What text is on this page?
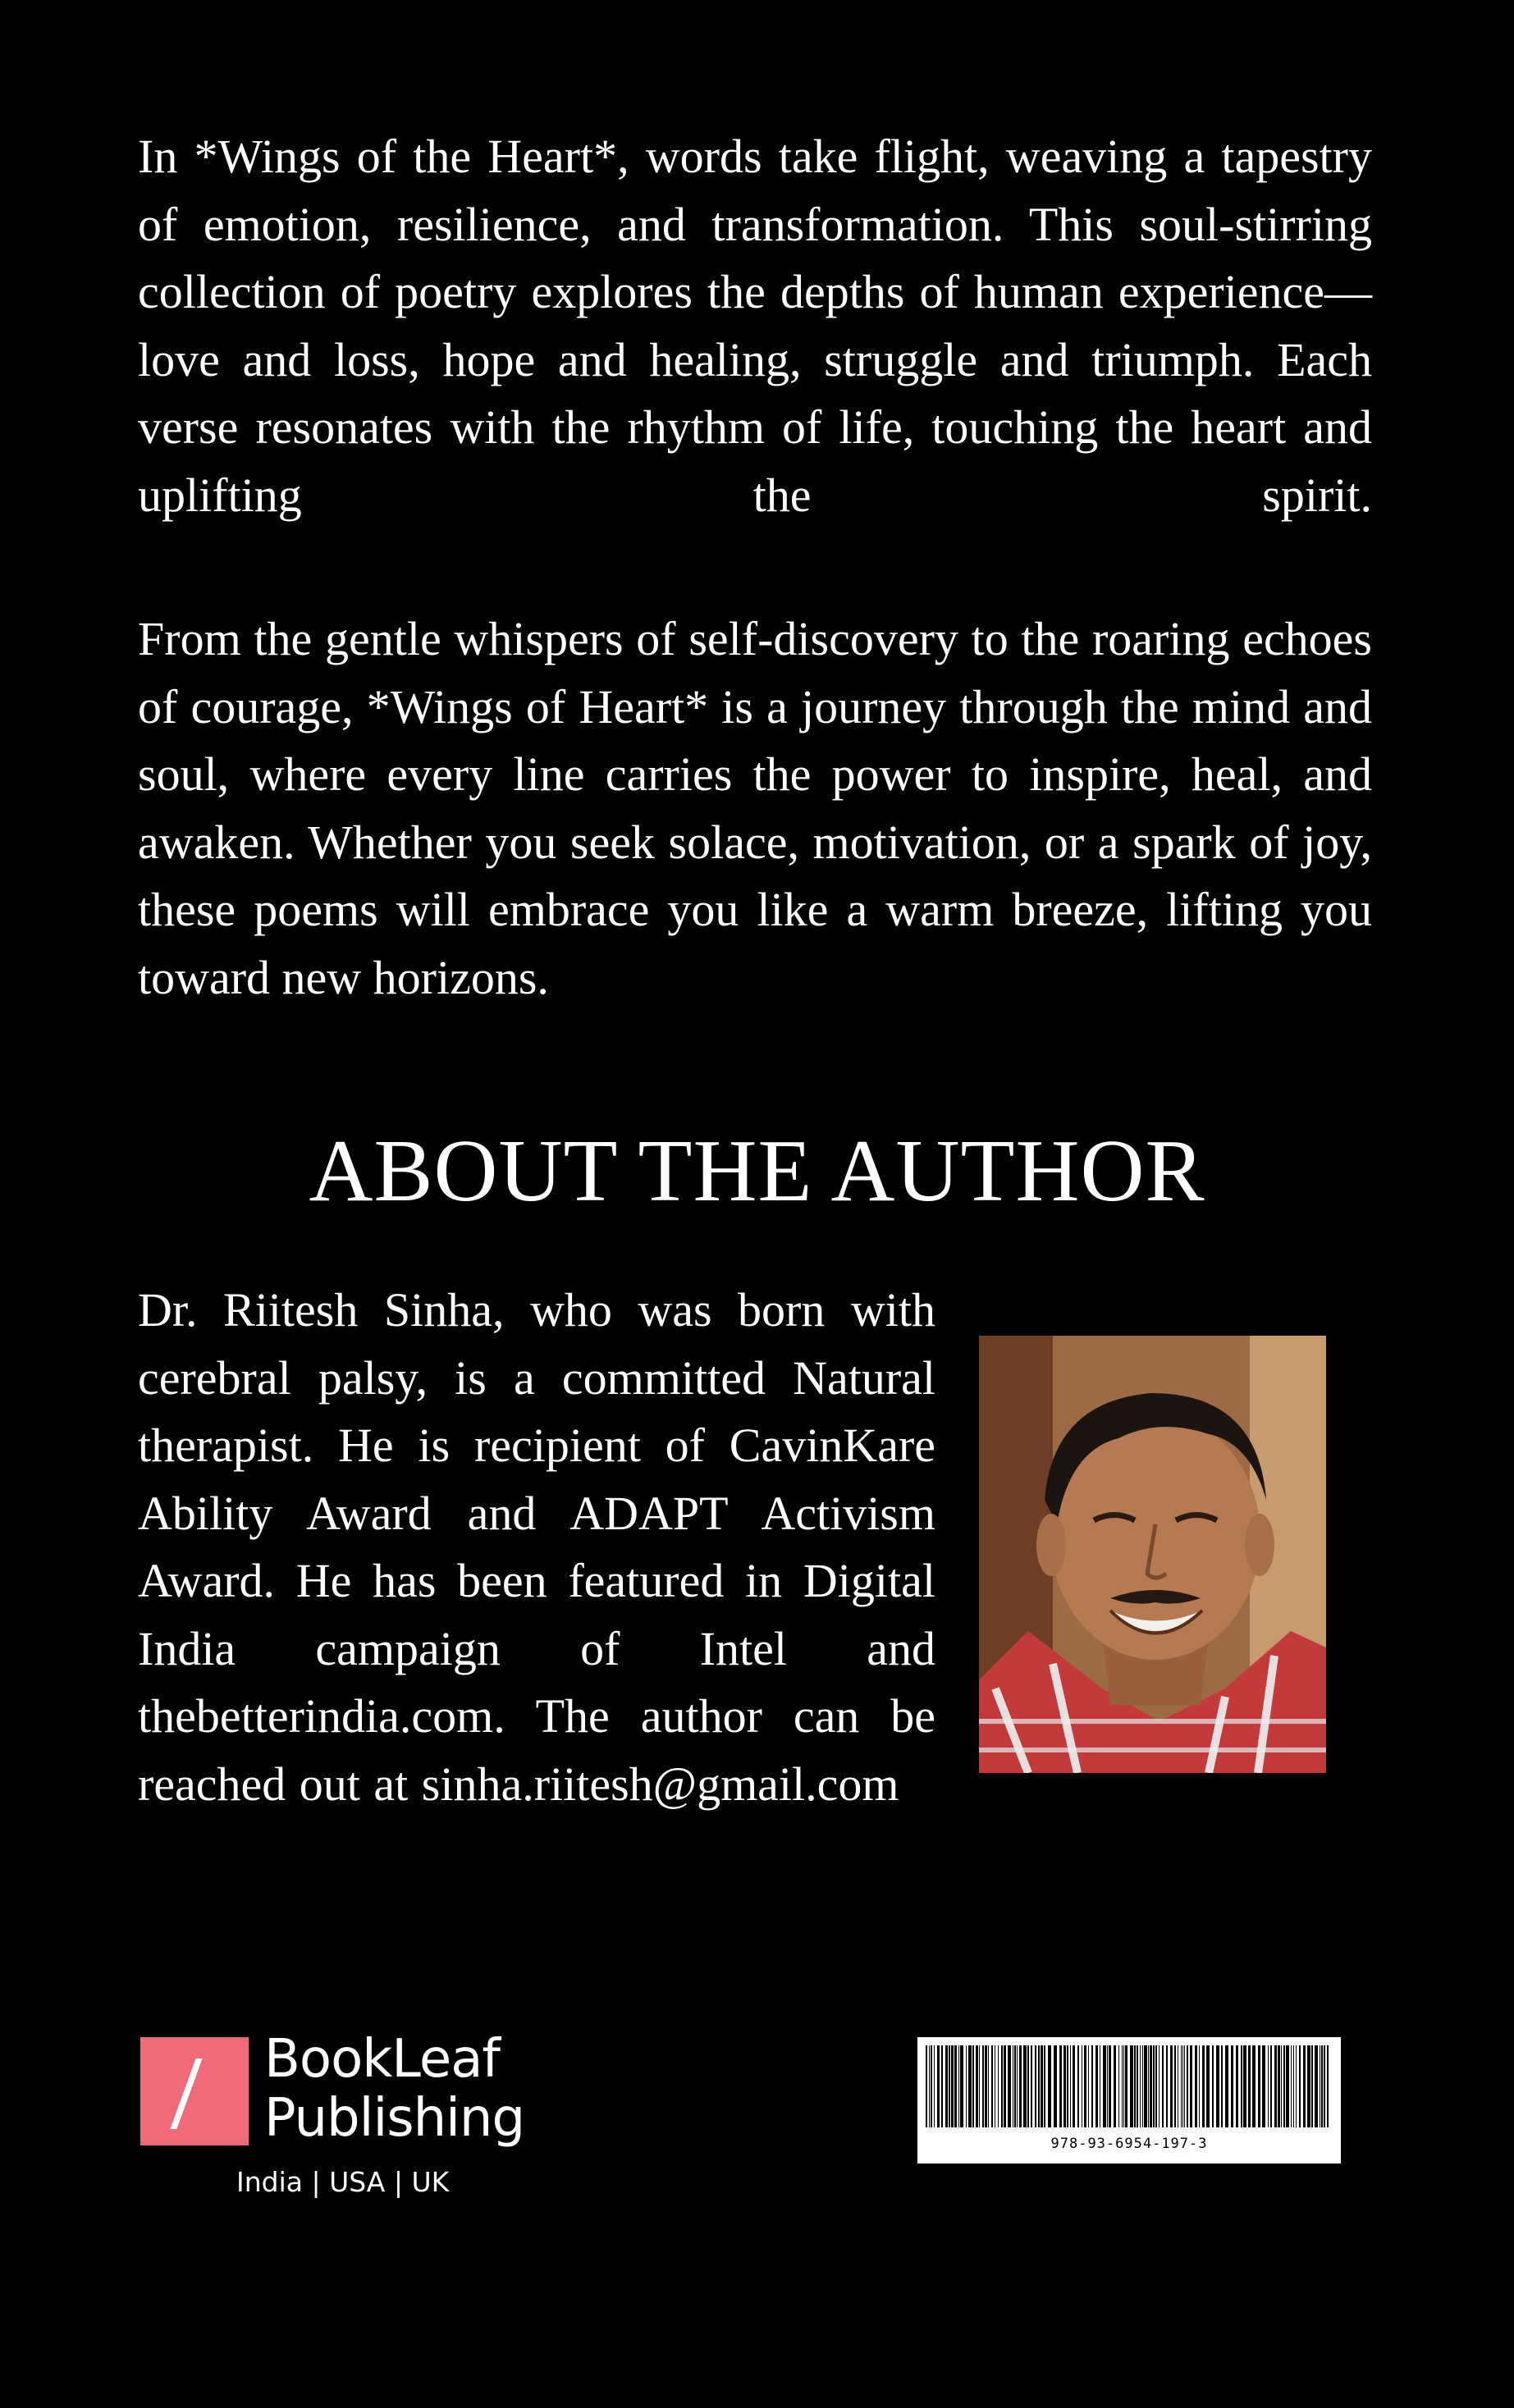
In *Wings of the Heart*, words take flight, weaving a tapestry of emotion, resilience, and transformation. This soul-stirring collection of poetry explores the depths of human experience—love and loss, hope and healing, struggle and triumph. Each verse resonates with the rhythm of life, touching the heart and uplifting the spirit.

From the gentle whispers of self-discovery to the roaring echoes of courage, *Wings of Heart* is a journey through the mind and soul, where every line carries the power to inspire, heal, and awaken. Whether you seek solace, motivation, or a spark of joy, these poems will embrace you like a warm breeze, lifting you toward new horizons.

ABOUT THE AUTHOR

Dr. Riitesh Sinha, who was born with cerebral palsy, is a committed Natural therapist. He is recipient of CavinKare Ability Award and ADAPT Activism Award. He has been featured in Digital India campaign of Intel and thebetterindia.com. The author can be reached out at sinha.riitesh@gmail.com

BookLeaf
Publishing
India | USA | UK
978-93-6954-197-3
